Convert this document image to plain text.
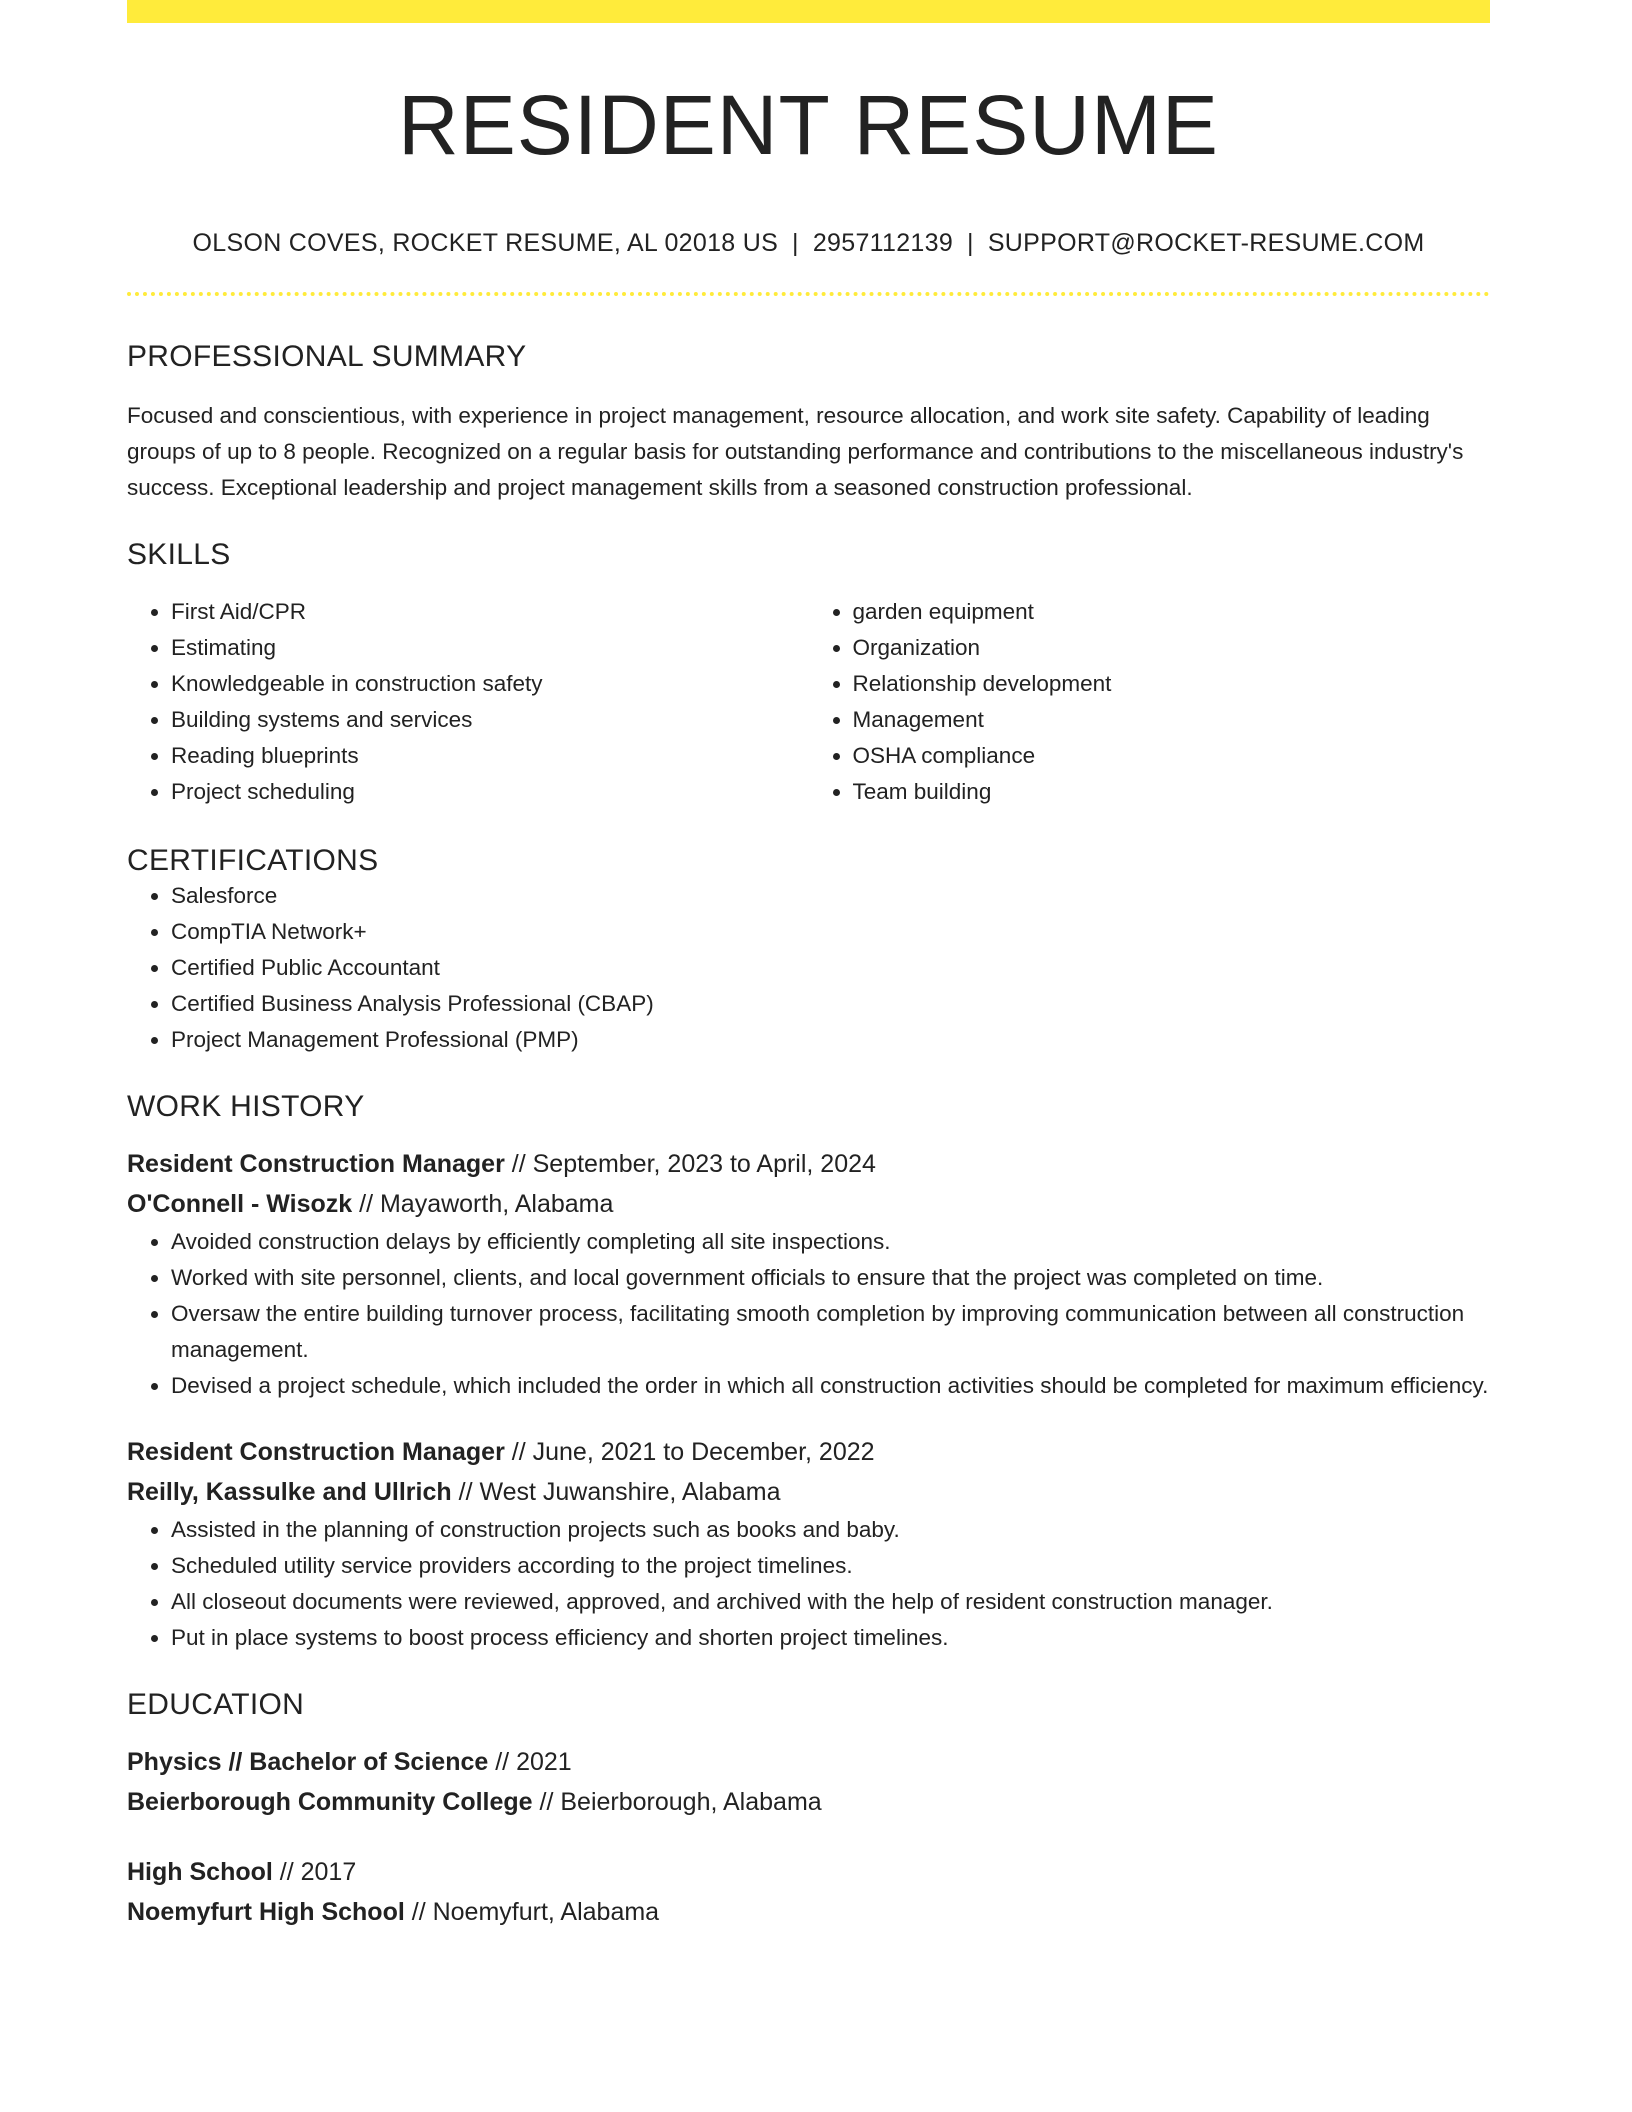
RESIDENT RESUME
OLSON COVES, ROCKET RESUME, AL 02018 US | 2957112139 | SUPPORT@ROCKET-RESUME.COM
PROFESSIONAL SUMMARY

Focused and conscientious, with experience in project management, resource allocation, and work site safety. Capability of leading groups of up to 8 people. Recognized on a regular basis for outstanding performance and contributions to the miscellaneous industry's success. Exceptional leadership and project management skills from a seasoned construction professional.

SKILLS
• First Aid/CPR
• Estimating
• Knowledgeable in construction safety
• Building systems and services
• Reading blueprints
• Project scheduling
• garden equipment
• Organization
• Relationship development
• Management
• OSHA compliance
• Team building
CERTIFICATIONS
• Salesforce
• CompTIA Network+
• Certified Public Accountant
• Certified Business Analysis Professional (CBAP)
• Project Management Professional (PMP)
WORK HISTORY
Resident Construction Manager // September, 2023 to April, 2024
O'Connell - Wisozk // Mayaworth, Alabama
• Avoided construction delays by efficiently completing all site inspections.
• Worked with site personnel, clients, and local government officials to ensure that the project was completed on time.
• Oversaw the entire building turnover process, facilitating smooth completion by improving communication between all construction management.
• Devised a project schedule, which included the order in which all construction activities should be completed for maximum efficiency.
Resident Construction Manager // June, 2021 to December, 2022
Reilly, Kassulke and Ullrich // West Juwanshire, Alabama
• Assisted in the planning of construction projects such as books and baby.
• Scheduled utility service providers according to the project timelines.
• All closeout documents were reviewed, approved, and archived with the help of resident construction manager.
• Put in place systems to boost process efficiency and shorten project timelines.
EDUCATION
Physics // Bachelor of Science // 2021
Beierborough Community College // Beierborough, Alabama
High School // 2017
Noemyfurt High School // Noemyfurt, Alabama
